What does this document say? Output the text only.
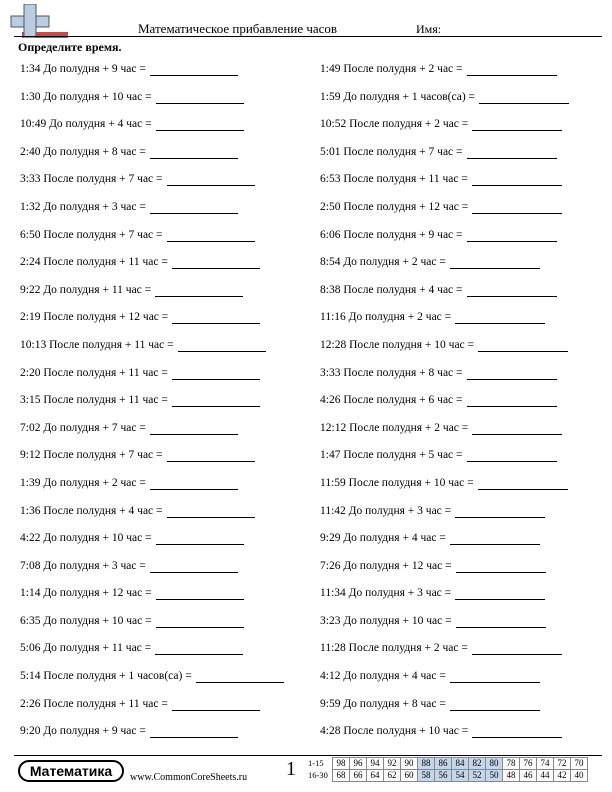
Математическое прибавление часов	Имя:
Определите время.
1:34 До полудня + 9 час =
1:30 До полудня + 10 час =
10:49 До полудня + 4 час =
2:40 До полудня + 8 час =
3:33 После полудня + 7 час =
1:32 До полудня + 3 час =
6:50 После полудня + 7 час =
2:24 После полудня + 11 час =
9:22 До полудня + 11 час =
2:19 После полудня + 12 час =
10:13 После полудня + 11 час =
2:20 После полудня + 11 час =
3:15 После полудня + 11 час =
7:02 До полудня + 7 час =
9:12 После полудня + 7 час =
1:39 До полудня + 2 час =
1:36 После полудня + 4 час =
4:22 До полудня + 10 час =
7:08 До полудня + 3 час =
1:14 До полудня + 12 час =
6:35 До полудня + 10 час =
5:06 До полудня + 11 час =
5:14 После полудня + 1 часов(са) =
2:26 После полудня + 11 час =
9:20 До полудня + 9 час =
1:49 После полудня + 2 час =
1:59 До полудня + 1 часов(са) =
10:52 После полудня + 2 час =
5:01 После полудня + 7 час =
6:53 После полудня + 11 час =
2:50 После полудня + 12 час =
6:06 После полудня + 9 час =
8:54 До полудня + 2 час =
8:38 После полудня + 4 час =
11:16 До полудня + 2 час =
12:28 После полудня + 10 час =
3:33 После полудня + 8 час =
4:26 После полудня + 6 час =
12:12 После полудня + 2 час =
1:47 После полудня + 5 час =
11:59 После полудня + 10 час =
11:42 До полудня + 3 час =
9:29 До полудня + 4 час =
7:26 До полудня + 12 час =
11:34 До полудня + 3 час =
3:23 До полудня + 10 час =
11:28 После полудня + 2 час =
4:12 До полудня + 4 час =
9:59 До полудня + 8 час =
4:28 После полудня + 10 час =
Математика	www.CommonCoreSheets.ru 1 1-15	98	96	94	92	90	88	86	84	82	80	78	76	74	72	70
16-30	68	66	64	62	60	58	56	54	52	50	48	46	44	42	40
